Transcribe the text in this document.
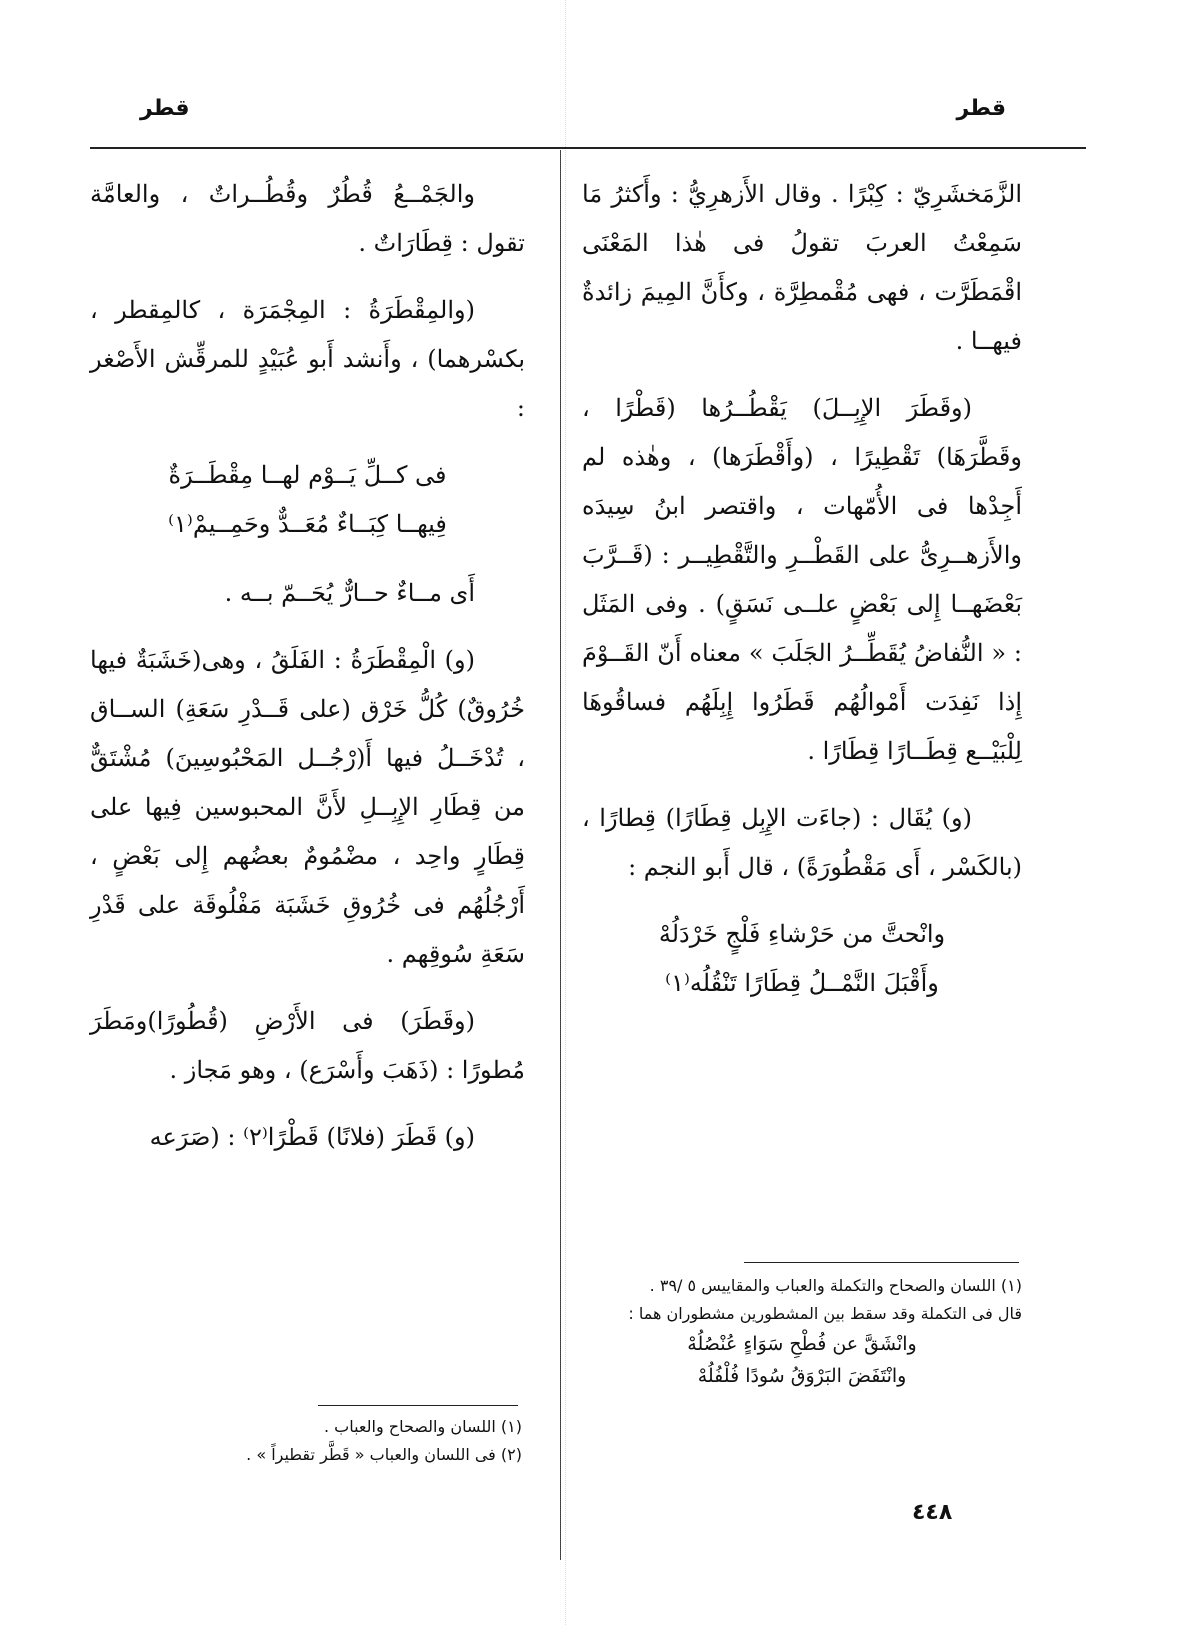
قطر
قطر

الزَّمَخشَرِيّ : كِبْرًا . وقال الأَزهرِيُّ : وأَكثرُ مَا سَمِعْتُ العربَ تقولُ فى هٰذا المَعْنَى اقْمَطَرَّت ، فهى مُقْمطِرَّة ، وكأَنَّ المِيمَ زائدةٌ فيهــا .

(وقَطَرَ الإِبِــلَ) يَقْطُــرُها (قَطْرًا ، وقَطَّرَهَا) تَقْطِيرًا ، (وأَقْطَرَها) ، وهٰذه لم أَجِدْها فى الأُمّهات ، واقتصر ابنُ سِيدَه والأَزهــرِىُّ على القَطْــرِ والتَّقْطِيــر : (قَــرَّبَ بَعْضَهــا إِلى بَعْضٍ علــى نَسَقٍ) . وفى المَثَل : « النُّفاضُ يُقَطِّــرُ الجَلَبَ » معناه أَنّ القَــوْمَ إِذا نَفِدَت أَمْوالُهُم قَطَرُوا إِبِلَهُم فساقُوهَا لِلْبَيْــع قِطَــارًا قِطَارًا .

(و) يُقَال : (جاءَت الإِبِل قِطَارًا) قِطارًا ، (بالكَسْر ، أَى مَقْطُورَةً) ، قال أَبو النجم :

وانْحتَّ من حَرْشاءِ فَلْجٍ خَرْدَلُهْ
وأَقْبَلَ النَّمْــلُ قِطَارًا تَنْقُلُه⁽١⁾
(١) اللسان والصحاح والتكملة والعباب والمقاييس ٥ /٣٩ .
قال فى التكملة وقد سقط بين المشطورين مشطوران هما :
وانْشَقَّ عن فُطْحِ سَوَاءٍ عُنْصُلُهْ
وانْتَفَضَ البَرْوَقُ سُودًا فُلْفُلُهْ

والجَمْــعُ قُطُرٌ وقُطُــراتٌ ، والعامَّة تقول : قِطَارَاتٌ .

(والمِقْطَرَةُ : المِجْمَرَة ، كالمِقطر ، بكسْرهما) ، وأَنشد أَبو عُبَيْدٍ للمرقِّش الأَصْغر :

فى كــلِّ يَــوْم لهــا مِقْطَــرَةٌ
فِيهــا كِبَــاءٌ مُعَــدٌّ وحَمِــيمْ⁽١⁾

أَى مــاءٌ حــارٌّ يُحَــمّ بــه .

(و) الْمِقْطَرَةُ : الفَلَقُ ، وهى(خَشَبَةٌ فيها خُرُوقٌ) كُلُّ خَرْق (على قَــدْرِ سَعَةِ) الســاق ، تُدْخَــلُ فيها أَ(رْجُــل المَحْبُوسِينَ) مُشْتَقٌّ من قِطَارِ الإِبِــلِ لأَنَّ المحبوسين فِيها على قِطَارٍ واحِد ، مضْمُومٌ بعضُهم إِلى بَعْضٍ ، أَرْجُلُهُم فى خُرُوقِ خَشَبَة مَفْلُوقَة على قَدْرِ سَعَةِ سُوقِهم .

(وقَطَرَ) فى الأَرْضِ (قُطُورًا)ومَطَرَ مُطورًا : (ذَهَبَ وأَسْرَع) ، وهو مَجاز .

(و) قَطَرَ (فلانًا) قَطْرًا⁽٢⁾ : (صَرَعه

(١) اللسان والصحاح والعباب .
(٢) فى اللسان والعباب « قَطَّر تقطيراً » .
٤٤٨
